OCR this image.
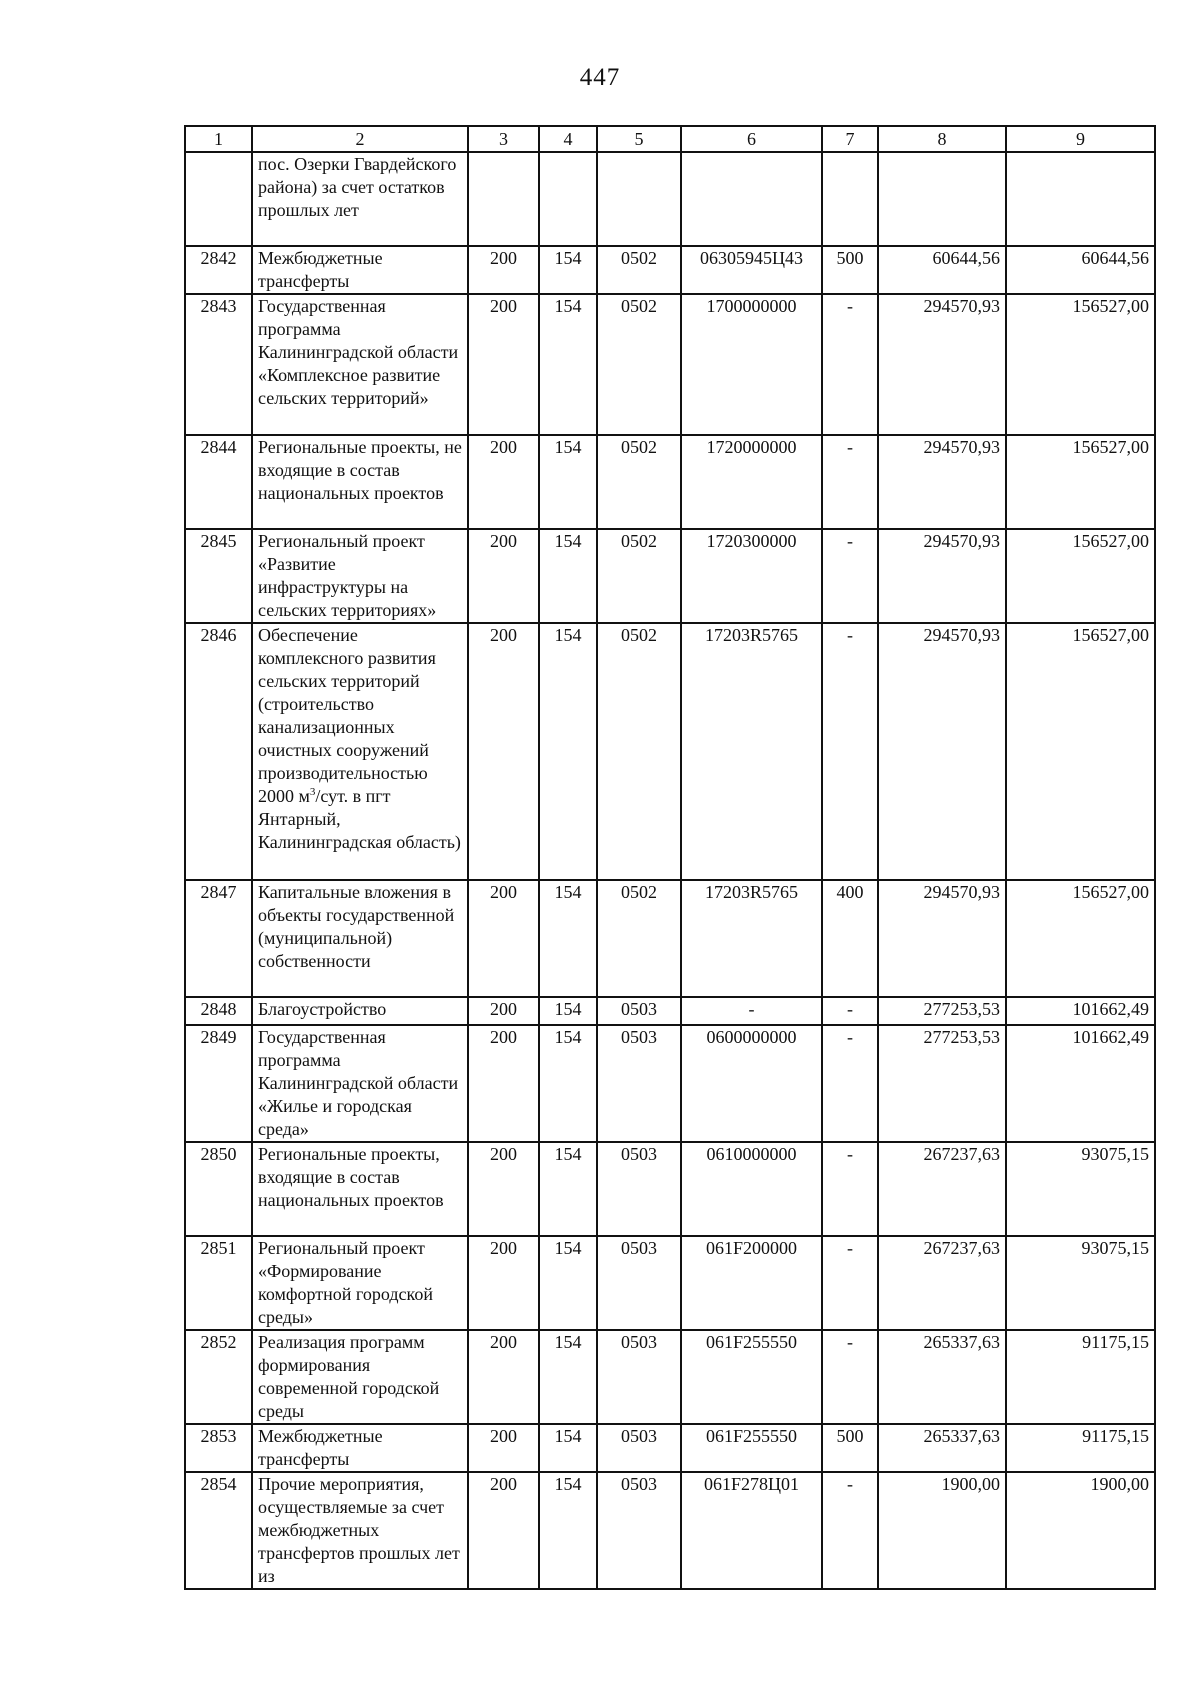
447
1	2	3	4	5	6	7	8	9
	пос. Озерки Гвардейского района) за счет остатков прошлых лет							
2842	Межбюджетные трансферты	200	154	0502	06305945Ц43	500	60644,56	60644,56
2843	Государственная программа Калининградской области «Комплексное развитие сельских территорий»	200	154	0502	1700000000	-	294570,93	156527,00
2844	Региональные проекты, не входящие в состав национальных проектов	200	154	0502	1720000000	-	294570,93	156527,00
2845	Региональный проект «Развитие инфраструктуры на сельских территориях»	200	154	0502	1720300000	-	294570,93	156527,00
2846	Обеспечение комплексного развития сельских территорий (строительство канализационных очистных сооружений производительностью 2000 $м^3$/сут. в пгт Янтарный, Калининградская область)	200	154	0502	17203R5765	-	294570,93	156527,00
2847	Капитальные вложения в объекты государственной (муниципальной) собственности	200	154	0502	17203R5765	400	294570,93	156527,00
2848	Благоустройство	200	154	0503	-	-	277253,53	101662,49
2849	Государственная программа Калининградской области «Жилье и городская среда»	200	154	0503	0600000000	-	277253,53	101662,49
2850	Региональные проекты, входящие в состав национальных проектов	200	154	0503	0610000000	-	267237,63	93075,15
2851	Региональный проект «Формирование комфортной городской среды»	200	154	0503	061F200000	-	267237,63	93075,15
2852	Реализация программ формирования современной городской среды	200	154	0503	061F255550	-	265337,63	91175,15
2853	Межбюджетные трансферты	200	154	0503	061F255550	500	265337,63	91175,15
2854	Прочие мероприятия, осуществляемые за счет межбюджетных трансфертов прошлых лет из	200	154	0503	061F278Ц01	-	1900,00	1900,00
